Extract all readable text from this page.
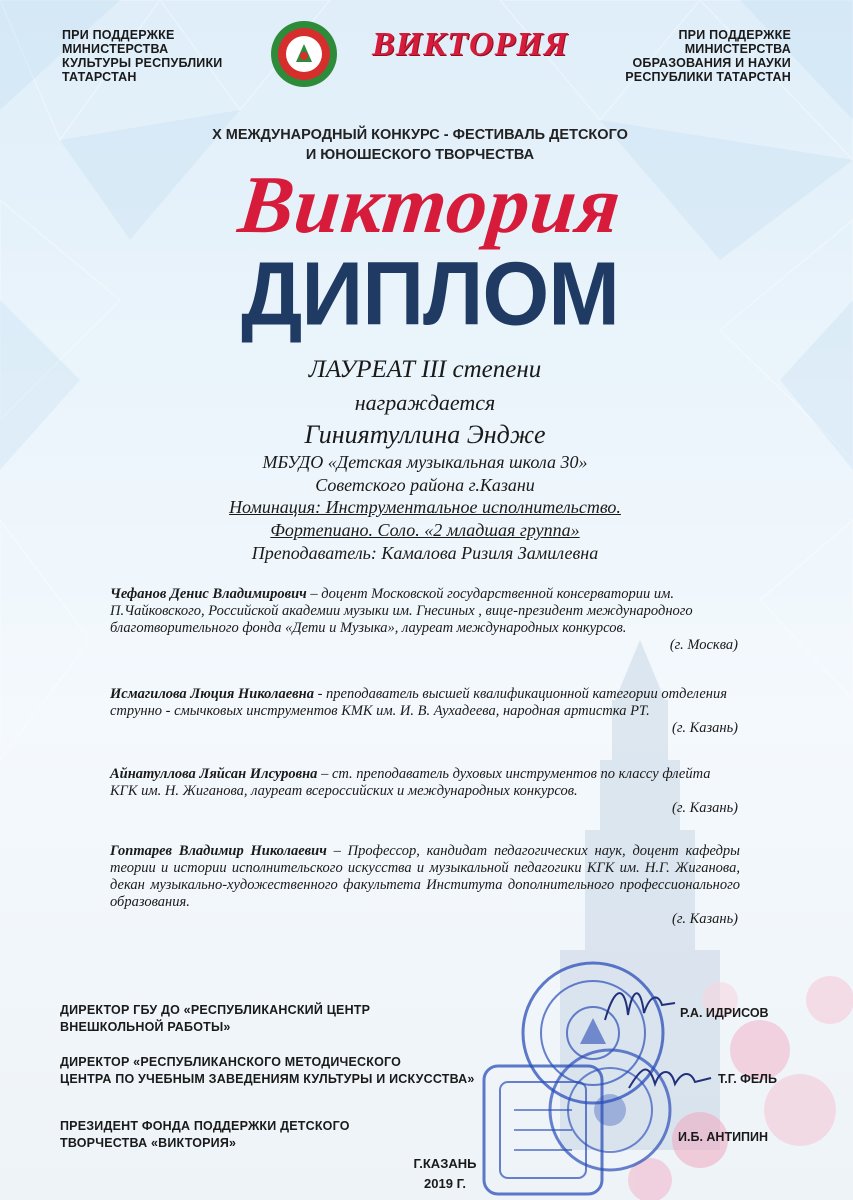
ПРИ ПОДДЕРЖКЕ
МИНИСТЕРСТВА
КУЛЬТУРЫ РЕСПУБЛИКИ
ТАТАРСТАН

ПРИ ПОДДЕРЖКЕ
МИНИСТЕРСТВА
ОБРАЗОВАНИЯ И НАУКИ
РЕСПУБЛИКИ ТАТАРСТАН

ВИКТОРИЯ
X МЕЖДУНАРОДНЫЙ КОНКУРС - ФЕСТИВАЛЬ ДЕТСКОГО
И ЮНОШЕСКОГО ТВОРЧЕСТВА
Виктория
ДИПЛОМ
ЛАУРЕАТ III степени
награждается
Гиниятуллина Энджe
МБУДО «Детская музыкальная школа 30»
Советского района г.Казани
Номинация: Инструментальное исполнительство.
Фортепиано. Соло. «2 младшая группа»
Преподаватель: Камалова Ризиля Замилевна

Чефанов Денис Владимирович – доцент Московской государственной консерватории им. П.Чайковского, Российской академии музыки им. Гнесиных , вице-президент международного благотворительного фонда «Дети и Музыка», лауреат международных конкурсов.

(г. Москва)

Исмагилова Люция Николаевна - преподаватель высшей квалификационной категории отделения струнно - смычковых инструментов КМК им. И. В. Аухадеева, народная артистка РТ.

(г. Казань)

Айнатуллова Ляйсан Илсуровна – ст. преподаватель духовых инструментов по классу флейта КГК им. Н. Жиганова, лауреат всероссийских и международных конкурсов.

(г. Казань)

Гоптарев Владимир Николаевич – Профессор, кандидат педагогических наук, доцент кафедры теории и истории исполнительского искусства и музыкальной педагогики КГК им. Н.Г. Жиганова, декан музыкально-художественного факультета Института дополнительного профессионального образования.

(г. Казань)

ДИРЕКТОР ГБУ ДО «РЕСПУБЛИКАНСКИЙ ЦЕНТР
ВНЕШКОЛЬНОЙ РАБОТЫ»
Р.А. ИДРИСОВ
ДИРЕКТОР «РЕСПУБЛИКАНСКОГО МЕТОДИЧЕСКОГО
ЦЕНТРА ПО УЧЕБНЫМ ЗАВЕДЕНИЯМ КУЛЬТУРЫ И ИСКУССТВА»	Т.Г. ФЕЛЬ
ПРЕЗИДЕНТ ФОНДА ПОДДЕРЖКИ ДЕТСКОГО
ТВОРЧЕСТВА «ВИКТОРИЯ»	И.Б. АНТИПИН
Г.КАЗАНЬ
2019 Г.
